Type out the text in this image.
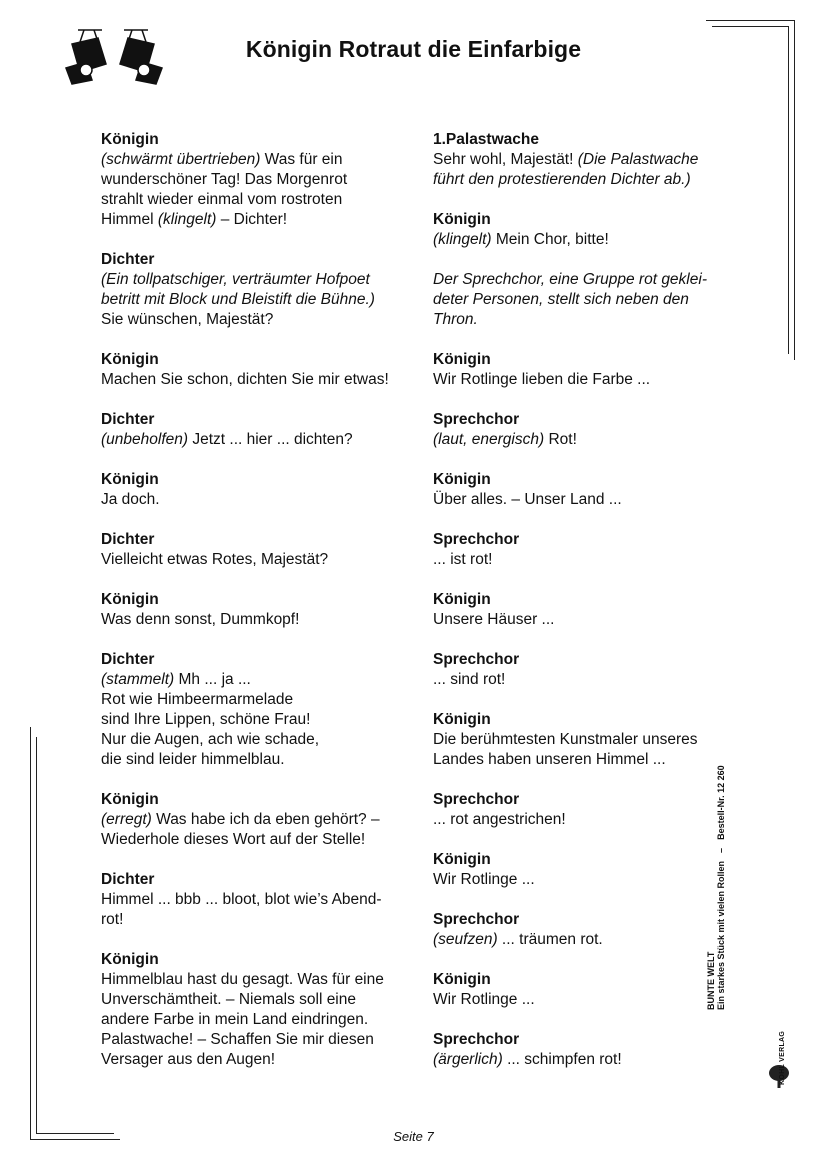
Königin Rotraut die Einfarbige
Königin
(schwärmt übertrieben) Was für ein
wunderschöner Tag! Das Morgenrot
strahlt wieder einmal vom rostroten
Himmel (klingelt) – Dichter!
Dichter
(Ein tollpatschiger, verträumter Hofpoet
betritt mit Block und Bleistift die Bühne.)
Sie wünschen, Majestät?
Königin
Machen Sie schon, dichten Sie mir etwas!
Dichter
(unbeholfen) Jetzt ... hier ... dichten?
Königin
Ja doch.
Dichter
Vielleicht etwas Rotes, Majestät?
Königin
Was denn sonst, Dummkopf!
Dichter
(stammelt) Mh ... ja ...
Rot wie Himbeermarmelade
sind Ihre Lippen, schöne Frau!
Nur die Augen, ach wie schade,
die sind leider himmelblau.
Königin
(erregt) Was habe ich da eben gehört? –
Wiederhole dieses Wort auf der Stelle!
Dichter
Himmel ... bbb ... bloot, blot wie’s Abend-
rot!
Königin
Himmelblau hast du gesagt. Was für eine
Unverschämtheit. – Niemals soll eine
andere Farbe in mein Land eindringen.
Palastwache! – Schaffen Sie mir diesen
Versager aus den Augen!
1.Palastwache
Sehr wohl, Majestät! (Die Palastwache
führt den protestierenden Dichter ab.)
Königin
(klingelt) Mein Chor, bitte!
Der Sprechchor, eine Gruppe rot geklei-
deter Personen, stellt sich neben den
Thron.
Königin
Wir Rotlinge lieben die Farbe ...
Sprechchor
(laut, energisch) Rot!
Königin
Über alles. – Unser Land ...
Sprechchor
... ist rot!
Königin
Unsere Häuser ...
Sprechchor
... sind rot!
Königin
Die berühmtesten Kunstmaler unseres
Landes haben unseren Himmel ...
Sprechchor
... rot angestrichen!
Königin
Wir Rotlinge ...
Sprechchor
(seufzen) ... träumen rot.
Königin
Wir Rotlinge ...
Sprechchor
(ärgerlich) ... schimpfen rot!
Seite 7
BUNTE WELT Ein starkes Stück mit vielen Rollen–Bestell-Nr. 12 260
KOHL VERLAG
